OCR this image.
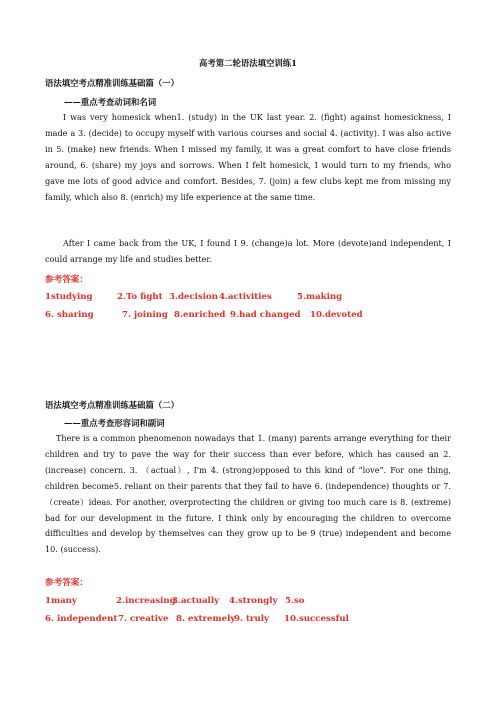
高考第二轮语法填空训练1
语法填空考点精准训练基础篇（一）
——重点考查动词和名词

I was very homesick when1. (study) in the UK last year. 2. (fight) against homesickness, I made a 3. (decide) to occupy myself with various courses and social 4. (activity). I was also active in 5. (make) new friends. When I missed my family, it was a great comfort to have close friends around, 6. (share) my joys and sorrows. When I felt homesick, I would turn to my friends, who gave me lots of good advice and comfort. Besides, 7. (join) a few clubs kept me from missing my family, which also 8. (enrich) my life experience at the same time.

After I came back from the UK, I found I 9. (change)a lot. More (devote)and independent, I could arrange my life and studies better.

参考答案：
1studying	2.To fight 3.decision4.activities	5.making
6. sharing	7. joining 8.enriched 9.had changed 10.devoted
语法填空考点精准训练基础篇（二）
——重点考查形容词和副词

There is a common phenomenon nowadays that 1. (many) parents arrange everything for their children and try to pave the way for their success than ever before, which has caused an 2. (increase) concern. 3. （actual）, I'm 4. (strong)opposed to this kind of “love”. For one thing, children become5. reliant on their parents that they fail to have 6. (independence) thoughts or 7. （create）ideas. For another, overprotecting the children or giving too much care is 8. (extreme) bad for our development in the future. I think only by encouraging the children to overcome difficulties and develop by themselves can they grow up to be 9 (true) independent and become 10. (success).

参考答案：
1many	2.increasing3.actually 4.strongly 5.so
6. independent7. creative 8. extremely9. truly 10.successful
